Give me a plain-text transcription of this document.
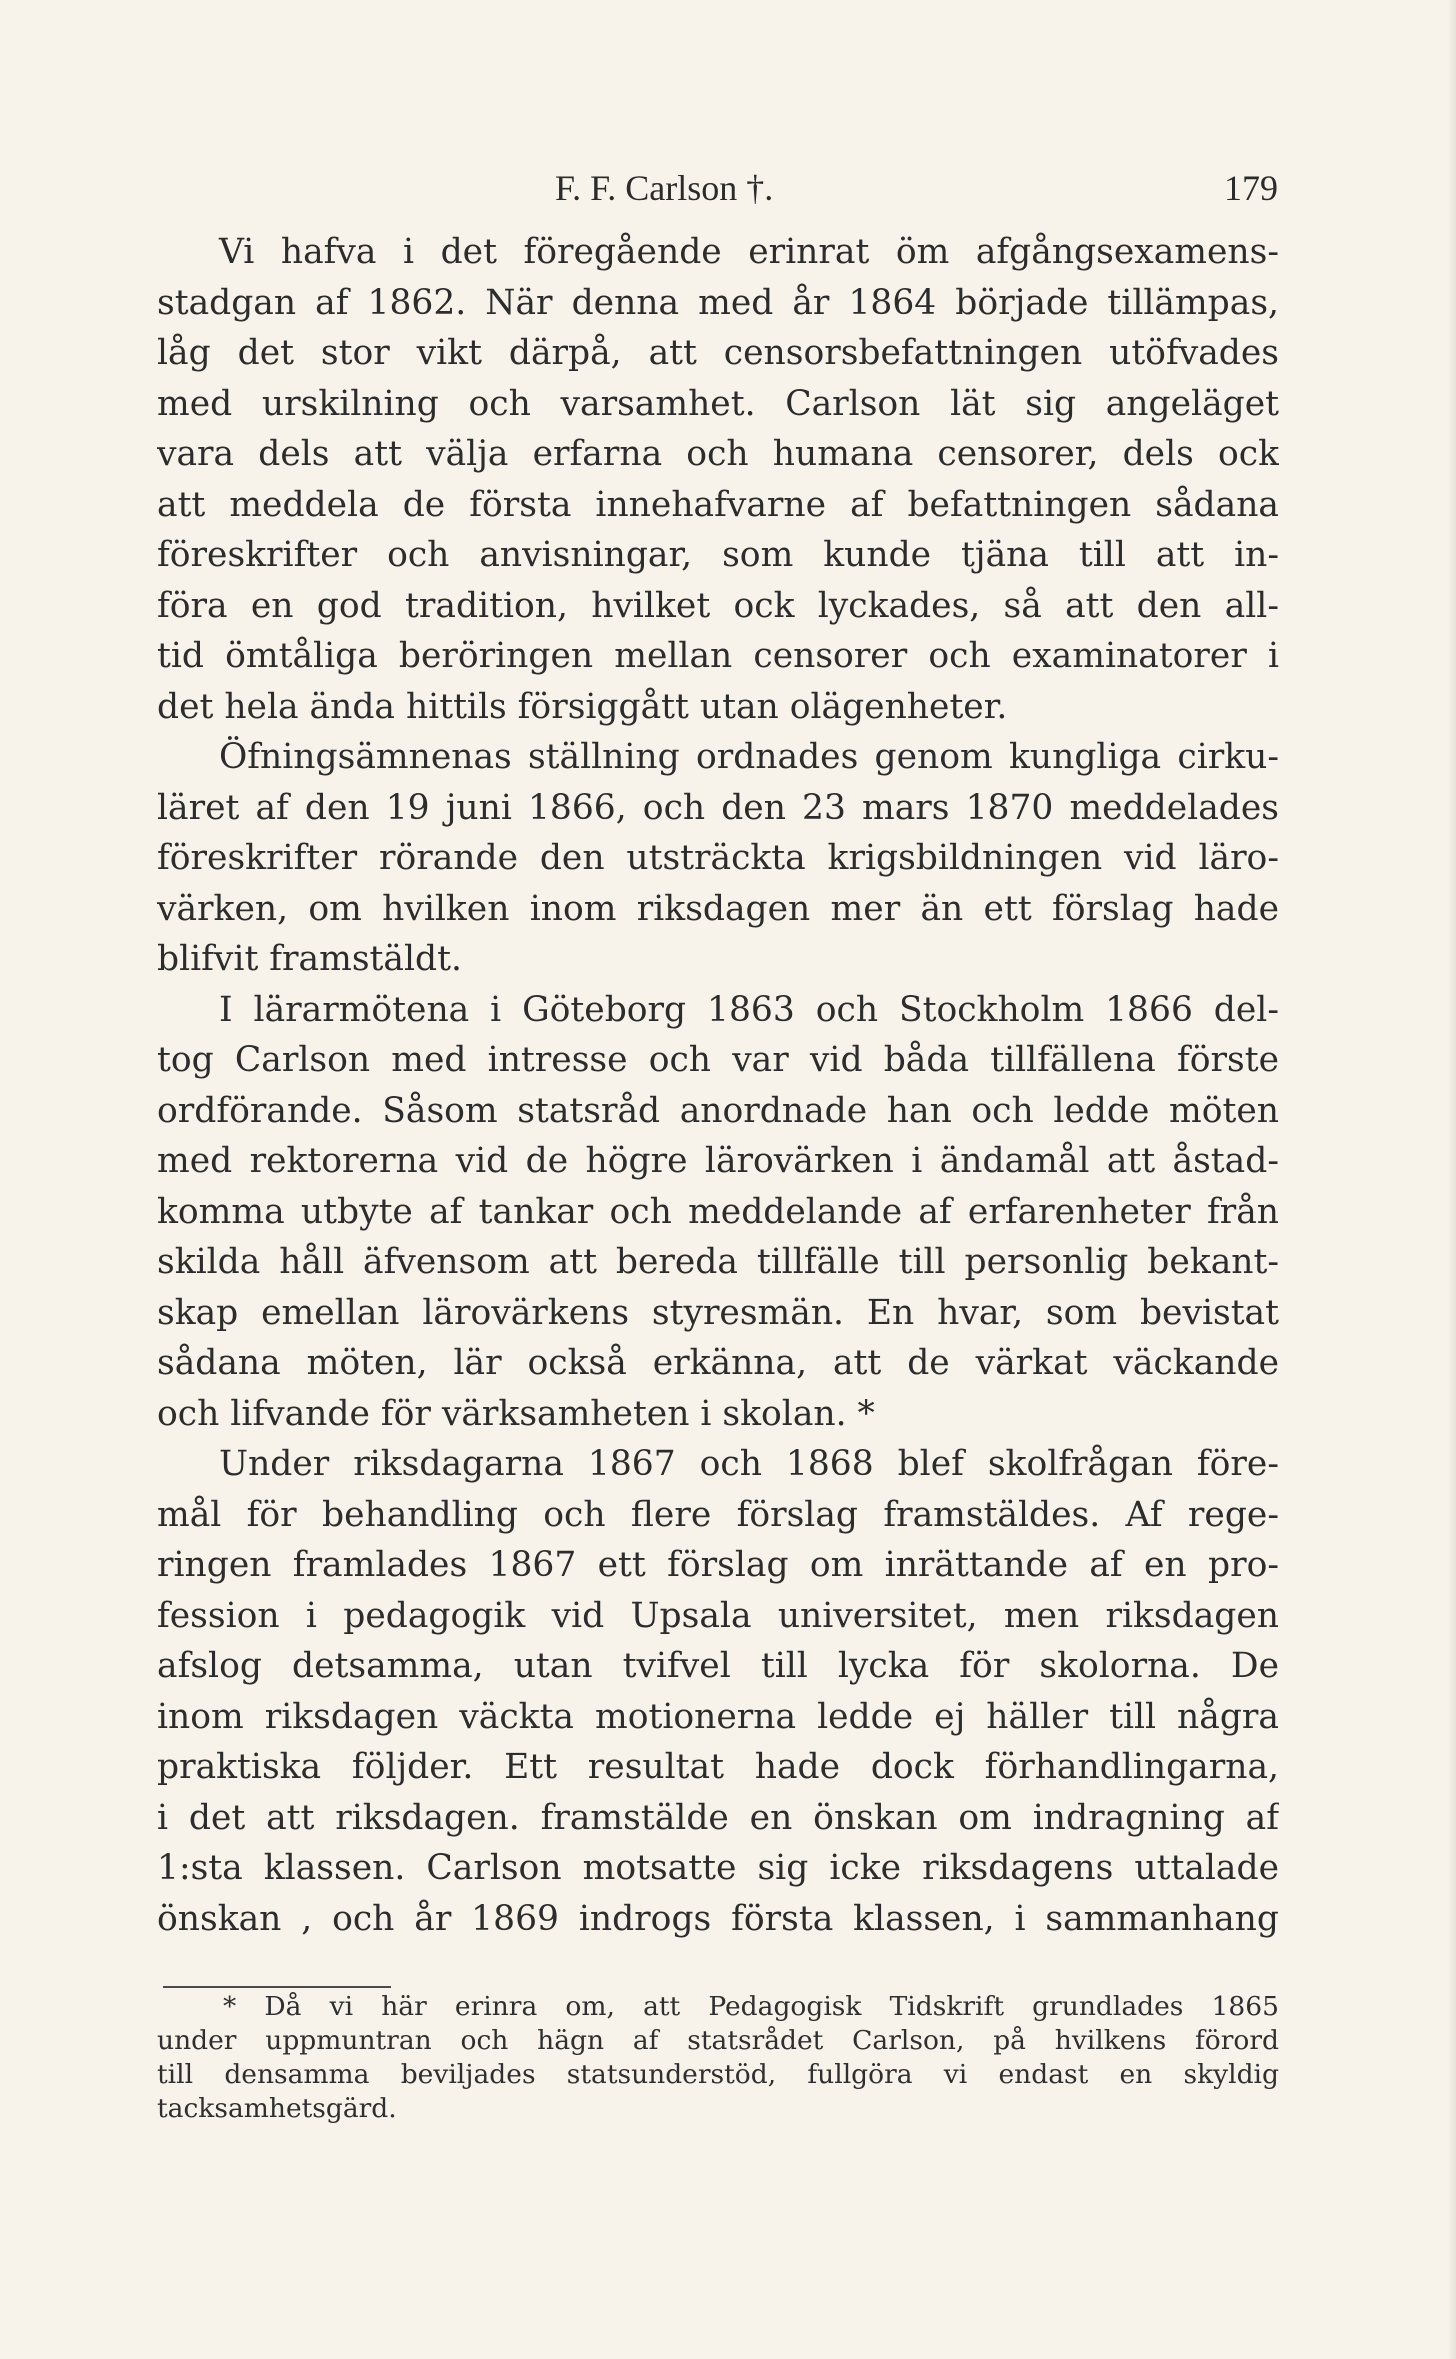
F. F. Carlson †.	179
Vi hafva i det föregående erinrat öm afgångsexamens-
stadgan af 1862. När denna med år 1864 började tillämpas,
låg det stor vikt därpå, att censorsbefattningen utöfvades
med urskilning och varsamhet. Carlson lät sig angeläget
vara dels att välja erfarna och humana censorer, dels ock
att meddela de första innehafvarne af befattningen sådana
föreskrifter och anvisningar, som kunde tjäna till att in-
föra en god tradition, hvilket ock lyckades, så att den all-
tid ömtåliga beröringen mellan censorer och examinatorer i
det hela ända hittils försiggått utan olägenheter.
Öfningsämnenas ställning ordnades genom kungliga cirku-
läret af den 19 juni 1866, och den 23 mars 1870 meddelades
föreskrifter rörande den utsträckta krigsbildningen vid läro-
värken, om hvilken inom riksdagen mer än ett förslag hade
blifvit framstäldt.
I lärarmötena i Göteborg 1863 och Stockholm 1866 del-
tog Carlson med intresse och var vid båda tillfällena förste
ordförande. Såsom statsråd anordnade han och ledde möten
med rektorerna vid de högre lärovärken i ändamål att åstad-
komma utbyte af tankar och meddelande af erfarenheter från
skilda håll äfvensom att bereda tillfälle till personlig bekant-
skap emellan lärovärkens styresmän. En hvar, som bevistat
sådana möten, lär också erkänna, att de värkat väckande
och lifvande för värksamheten i skolan. *
Under riksdagarna 1867 och 1868 blef skolfrågan före-
mål för behandling och flere förslag framstäldes. Af rege-
ringen framlades 1867 ett förslag om inrättande af en pro-
fession i pedagogik vid Upsala universitet, men riksdagen
afslog detsamma, utan tvifvel till lycka för skolorna. De
inom riksdagen väckta motionerna ledde ej häller till några
praktiska följder. Ett resultat hade dock förhandlingarna,
i det att riksdagen. framstälde en önskan om indragning af
1:sta klassen. Carlson motsatte sig icke riksdagens uttalade
önskan , och år 1869 indrogs första klassen, i sammanhang
* Då vi här erinra om, att Pedagogisk Tidskrift grundlades 1865
under uppmuntran och hägn af statsrådet Carlson, på hvilkens förord
till densamma beviljades statsunderstöd, fullgöra vi endast en skyldig
tacksamhetsgärd.
